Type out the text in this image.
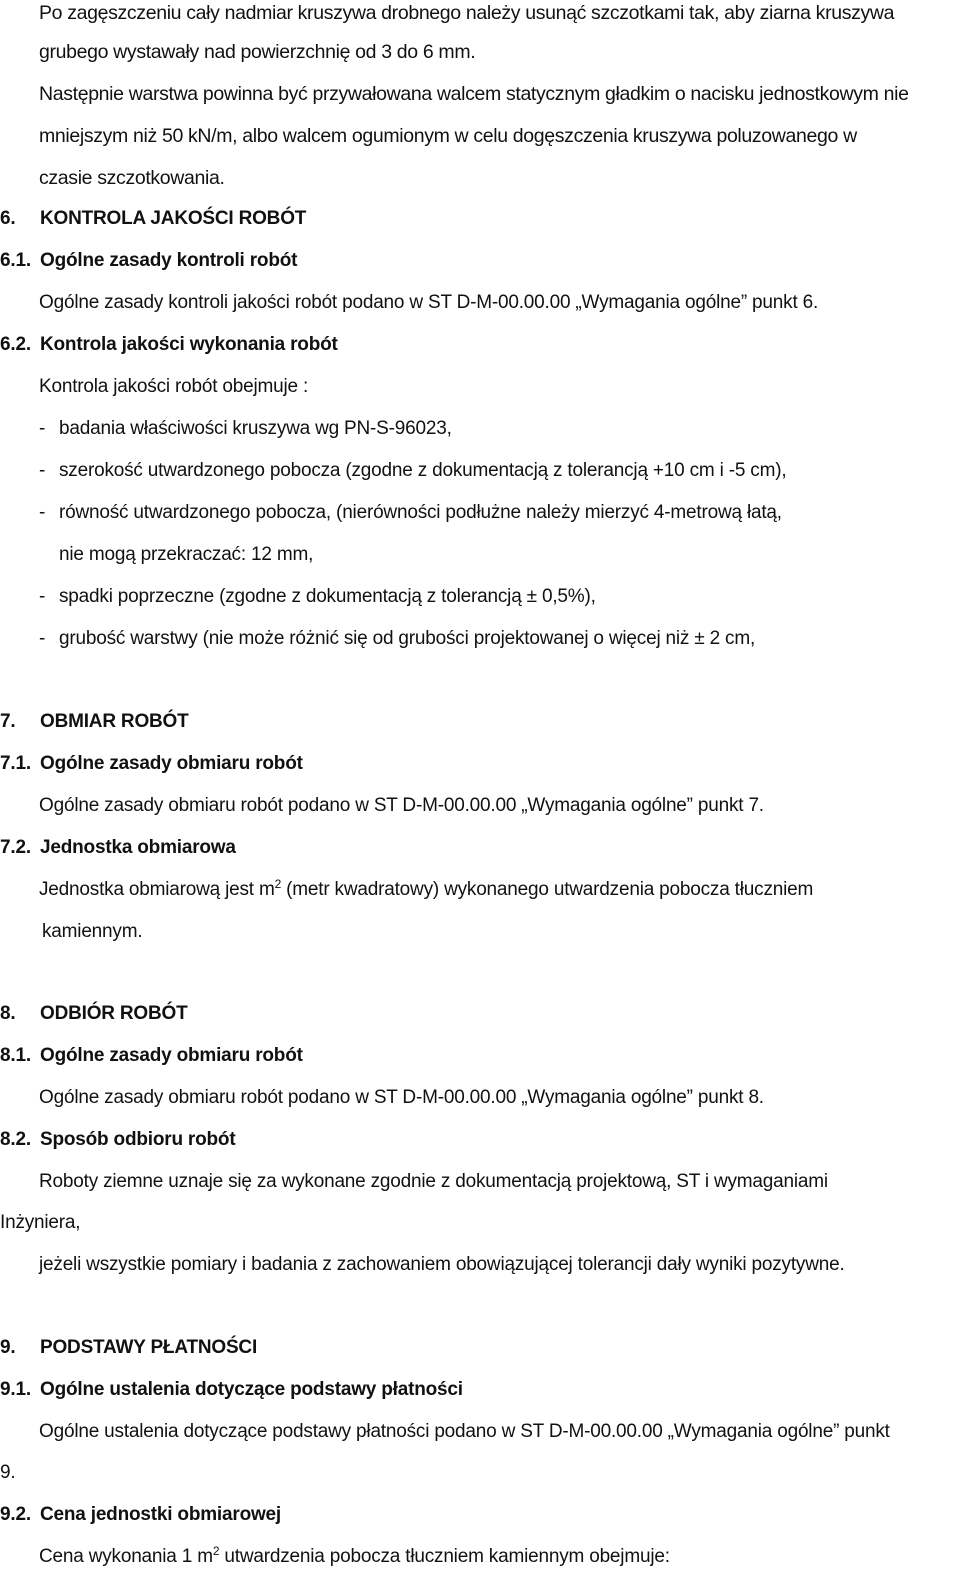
Po zagęszczeniu cały nadmiar kruszywa drobnego należy usunąć szczotkami tak, aby ziarna kruszywa
grubego wystawały nad powierzchnię od 3 do 6 mm.
Następnie warstwa powinna być przywałowana walcem statycznym gładkim o nacisku jednostkowym nie
mniejszym niż 50 kN/m, albo walcem ogumionym w celu dogęszczenia kruszywa poluzowanego w
czasie szczotkowania.
6. KONTROLA JAKOŚCI ROBÓT
6.1. Ogólne zasady kontroli robót
Ogólne zasady kontroli jakości robót podano w ST D-M-00.00.00 „Wymagania ogólne” punkt 6.
6.2. Kontrola jakości wykonania robót
Kontrola jakości robót obejmuje :
- badania właściwości kruszywa wg PN-S-96023,
- szerokość utwardzonego pobocza (zgodne z dokumentacją z tolerancją +10 cm i -5 cm),
- równość utwardzonego pobocza, (nierówności podłużne należy mierzyć 4-metrową łatą,
nie mogą przekraczać: 12 mm,
- spadki poprzeczne (zgodne z dokumentacją z tolerancją ± 0,5%),
- grubość warstwy (nie może różnić się od grubości projektowanej o więcej niż ± 2 cm,
7. OBMIAR ROBÓT
7.1. Ogólne zasady obmiaru robót
Ogólne zasady obmiaru robót podano w ST D-M-00.00.00 „Wymagania ogólne” punkt 7.
7.2. Jednostka obmiarowa
Jednostka obmiarową jest $m^2$ (metr kwadratowy) wykonanego utwardzenia pobocza tłuczniem
kamiennym.
8. ODBIÓR ROBÓT
8.1. Ogólne zasady obmiaru robót
Ogólne zasady obmiaru robót podano w ST D-M-00.00.00 „Wymagania ogólne” punkt 8.
8.2. Sposób odbioru robót
Roboty ziemne uznaje się za wykonane zgodnie z dokumentacją projektową, ST i wymaganiami
Inżyniera,
jeżeli wszystkie pomiary i badania z zachowaniem obowiązującej tolerancji dały wyniki pozytywne.
9. PODSTAWY PŁATNOŚCI
9.1. Ogólne ustalenia dotyczące podstawy płatności
Ogólne ustalenia dotyczące podstawy płatności podano w ST D-M-00.00.00 „Wymagania ogólne” punkt
9.
9.2. Cena jednostki obmiarowej
Cena wykonania 1 $m^2$ utwardzenia pobocza tłuczniem kamiennym obejmuje:
